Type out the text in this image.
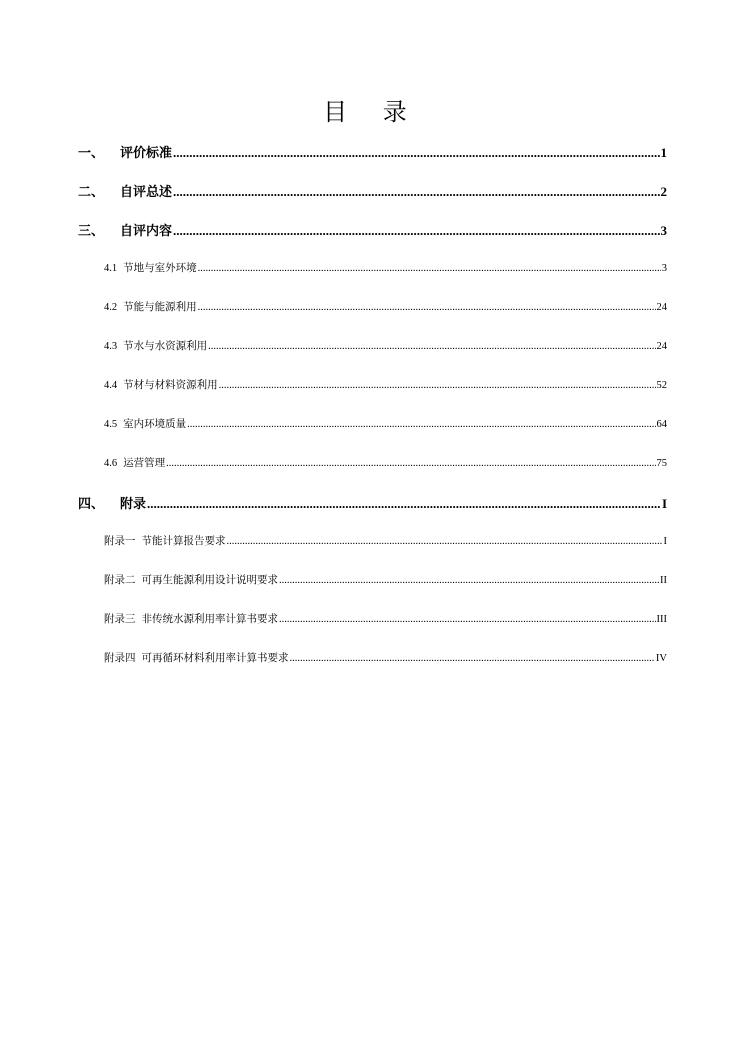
目 录
一、	评价标准 .....	1
二、	自评总述 .....	2
三、	自评内容 .....	3
4.1 节地与室外环境 .....	3
4.2 节能与能源利用 .....	24
4.3 节水与水资源利用 .....	24
4.4 节材与材料资源利用 .....	52
4.5 室内环境质量 .....	64
4.6 运营管理 .....	75
四、	附录 .....	I
附录一 节能计算报告要求 .....	I
附录二 可再生能源利用设计说明要求 .....	II
附录三 非传统水源利用率计算书要求 .....	III
附录四 可再循环材料利用率计算书要求 .....	IV
